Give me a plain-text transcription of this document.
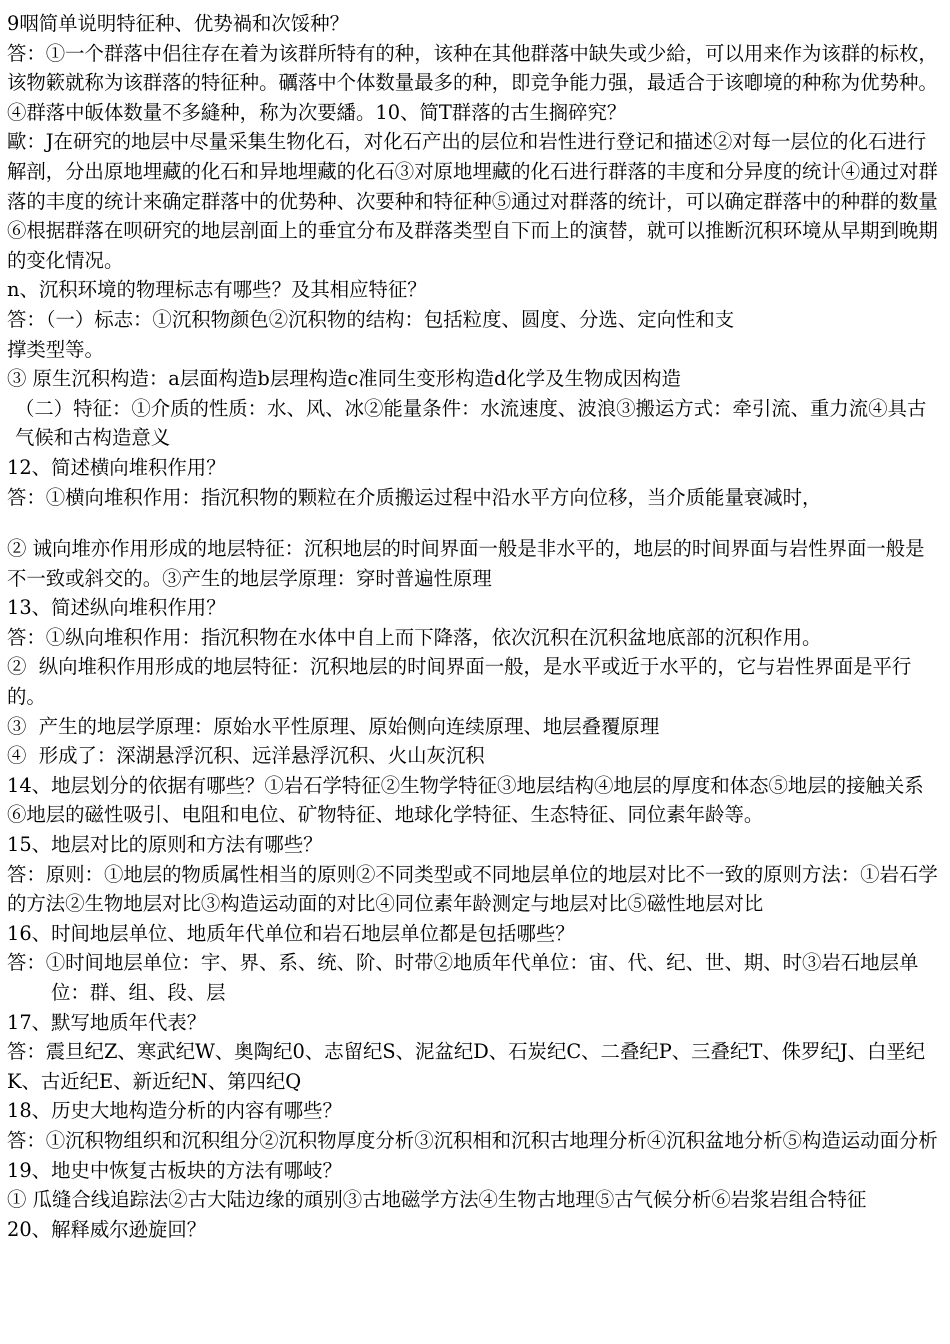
9咽简单说明特征种、优势禍和次馁种？

答：①一个群落中侣往存在着为该群所特有的种，该种在其他群落中缺失或少給，可以用来作为该群的标枚，该物簌就称为该群落的特征种。礪落中个体数量最多的种，即竞争能力强，最适合于该喞境的种称为优势种。④群落中皈体数量不多縫种，称为次要繙。10、简T群落的古生搁碎究？

歐：J在研究的地层中尽量采集生物化石，对化石产出的层位和岩性进行登记和描述②对每一层位的化石进行解剖，分出原地埋藏的化石和异地埋藏的化石③对原地埋藏的化石进行群落的丰度和分异度的统计④通过对群落的丰度的统计来确定群落中的优势种、次要种和特征种⑤通过对群落的统计，可以确定群落中的种群的数量⑥根据群落在呗研究的地层剖面上的垂宜分布及群落类型自下而上的演替，就可以推断沉积环境从早期到晚期的变化情况。

n、沉积环境的物理标志有哪些？及其相应特征？

答：（一）标志：①沉积物颜色②沉积物的结构：包括粒度、圆度、分选、定向性和支

撑类型等。

③ 原生沉积构造：a层面构造b层理构造c准同生变形构造d化学及生物成因构造

（二）特征：①介质的性质：水、风、冰②能量条件：水流速度、波浪③搬运方式：牵引流、重力流④具古气候和古构造意义

12、简述横向堆积作用？

答：①横向堆积作用：指沉积物的颗粒在介质搬运过程中沿水平方向位移，当介质能量衰减时，

② 诫向堆亦作用形成的地层特征：沉积地层的时间界面一般是非水平的，地层的时间界面与岩性界面一般是不一致或斜交的。③产生的地层学原理：穿时普遍性原理

13、简述纵向堆积作用？

答：①纵向堆积作用：指沉积物在水体中自上而下降落，依次沉积在沉积盆地底部的沉积作用。

②  纵向堆积作用形成的地层特征：沉积地层的时间界面一般，是水平或近于水平的，它与岩性界面是平行的。

③  产生的地层学原理：原始水平性原理、原始侧向连续原理、地层叠覆原理

④  形成了：深湖悬浮沉积、远洋悬浮沉积、火山灰沉积

14、地层划分的依据有哪些？①岩石学特征②生物学特征③地层结构④地层的厚度和体态⑤地层的接触关系⑥地层的磁性吸引、电阻和电位、矿物特征、地球化学特征、生态特征、同位素年龄等。

15、地层对比的原则和方法有哪些？

答：原则：①地层的物质属性相当的原则②不同类型或不同地层单位的地层对比不一致的原则方法：①岩石学的方法②生物地层对比③构造运动面的对比④同位素年龄测定与地层对比⑤磁性地层对比

16、时间地层单位、地质年代单位和岩石地层单位都是包括哪些？

答：①时间地层单位：宇、界、系、统、阶、时带②地质年代单位：宙、代、纪、世、期、时③岩石地层单位：群、组、段、层

17、默写地质年代表？

答：震旦纪Z、寒武纪W、奥陶纪0、志留纪S、泥盆纪D、石炭纪C、二叠纪P、三叠纪T、侏罗纪J、白垩纪K、古近纪E、新近纪N、第四纪Q

18、历史大地构造分析的内容有哪些？

答：①沉积物组织和沉积组分②沉积物厚度分析③沉积相和沉积古地理分析④沉积盆地分析⑤构造运动面分析

19、地史中恢复古板块的方法有哪岐？

① 瓜缝合线追踪法②古大陆边缘的頑别③古地磁学方法④生物古地理⑤古气候分析⑥岩浆岩组合特征

20、解释威尔逊旋回？
